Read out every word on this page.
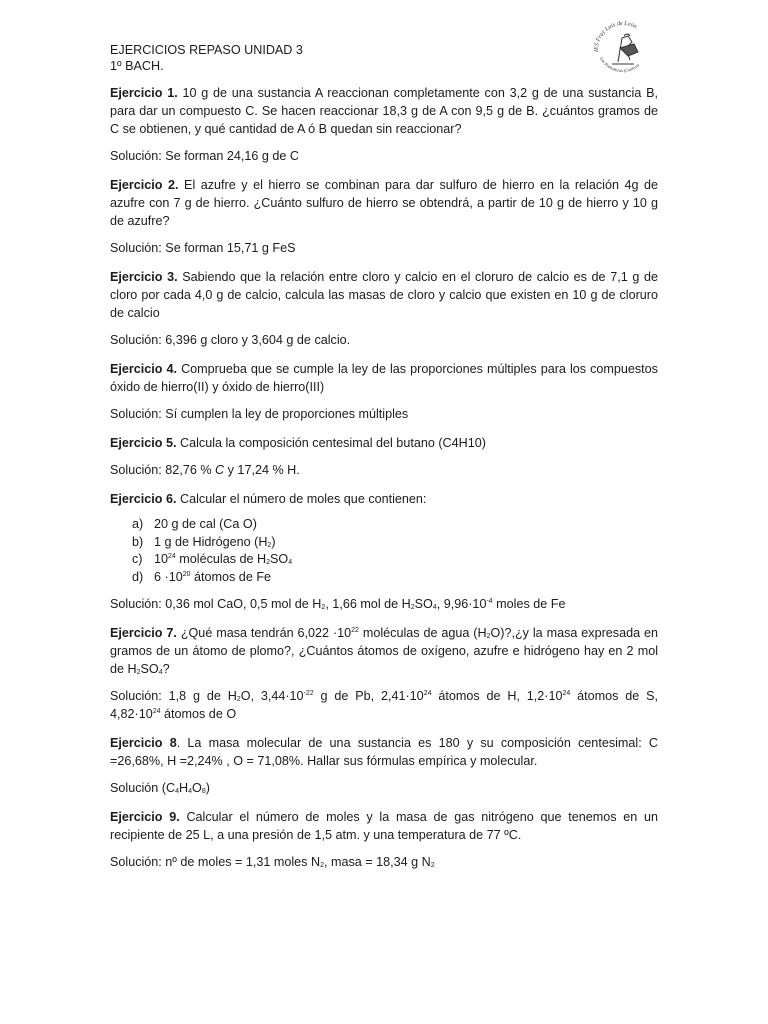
IES Fray Luis de León
Las Pedroñeras (Cuenca)
EJERCICIOS REPASO UNIDAD 3
1º BACH.

Ejercicio 1. 10 g de una sustancia A reaccionan completamente con 3,2 g de una sustancia B, para dar un compuesto C. Se hacen reaccionar 18,3 g de A con 9,5 g de B. ¿cuántos gramos de C se obtienen, y qué cantidad de A ó B quedan sin reaccionar?

Solución: Se forman 24,16 g de C

Ejercicio 2. El azufre y el hierro se combinan para dar sulfuro de hierro en la relación 4g de azufre con 7 g de hierro. ¿Cuánto sulfuro de hierro se obtendrá, a partir de 10 g de hierro y 10 g de azufre?

Solución: Se forman 15,71 g FeS

Ejercicio 3. Sabiendo que la relación entre cloro y calcio en el cloruro de calcio es de 7,1 g de cloro por cada 4,0 g de calcio, calcula las masas de cloro y calcio que existen en 10 g de cloruro de calcio

Solución: 6,396 g cloro y 3,604 g de calcio.

Ejercicio 4. Comprueba que se cumple la ley de las proporciones múltiples para los compuestos óxido de hierro(II) y óxido de hierro(III)

Solución: Sí cumplen la ley de proporciones múltiples

Ejercicio 5. Calcula la composición centesimal del butano (C4H10)

Solución: 82,76 % C y 17,24 % H.

Ejercicio 6. Calcular el número de moles que contienen:

a) 20 g de cal (Ca O)
b) 1 g de Hidrógeno $(H_2)$
c) $10^{24}$ moléculas de $H_2SO_4$
d) $6 \cdot 10^{20}$ átomos de Fe

Solución: 0,36 mol CaO, 0,5 mol de $H_2$, 1,66 mol de $H_2SO_4$, $9,96\cdot 10^{-4}$ moles de Fe

Ejercicio 7. ¿Qué masa tendrán $6,022 \cdot 10^{22}$ moléculas de agua $(H_2O)?,¿y$ la masa expresada en gramos de un átomo de plomo?, ¿Cuántos átomos de oxígeno, azufre e hidrógeno hay en 2 mol de $H_2SO_4$?

Solución: 1,8 g de $H_2O$, $3,44\cdot 10^{-22}$ g de Pb, $2,41\cdot 10^{24}$ átomos de H, $1,2\cdot 10^{24}$ átomos de S, $4,82\cdot 10^{24}$ átomos de O

Ejercicio 8. La masa molecular de una sustancia es 180 y su composición centesimal: C =26,68%, H =2,24% , O = 71,08%. Hallar sus fórmulas empírica y molecular.

Solución $(C_4H_4O_8)$

Ejercicio 9. Calcular el número de moles y la masa de gas nitrógeno que tenemos en un recipiente de 25 L, a una presión de 1,5 atm. y una temperatura de 77 ºC.

Solución: nº de moles = 1,31 moles $N_2$, masa = 18,34 g $N_2$
